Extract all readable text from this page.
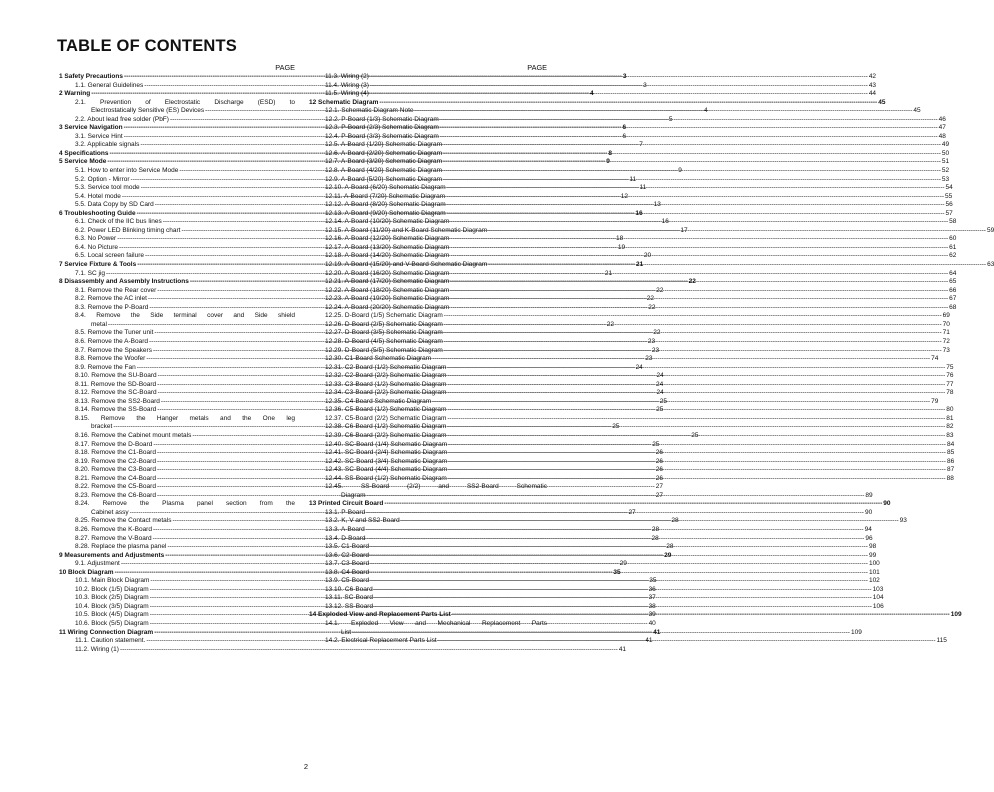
TABLE OF CONTENTS
PAGE
1 Safety Precautions -----	3
1.1. General Guidelines -----	3
2 Warning -----	4
2.1. Prevention of Electrostatic Discharge (ESD) to
Electrostatically Sensitive (ES) Devices -----	4
2.2. About lead free solder (PbF) -----	5
3 Service Navigation -----	6
3.1. Service Hint -----	6
3.2. Applicable signals -----	7
4 Specifications -----	8
5 Service Mode -----	9
5.1. How to enter into Service Mode -----	9
5.2. Option - Mirror -----	11
5.3. Service tool mode -----	11
5.4. Hotel mode -----	12
5.5. Data Copy by SD Card -----	13
6 Troubleshooting Guide -----	16
6.1. Check of the IIC bus lines -----	16
6.2. Power LED Blinking timing chart -----	17
6.3. No Power -----	18
6.4. No Picture -----	19
6.5. Local screen failure -----	20
7 Service Fixture & Tools -----	21
7.1. SC jig -----	21
8 Disassembly and Assembly Instructions -----	22
8.1. Remove the Rear cover -----	22
8.2. Remove the AC inlet -----	22
8.3. Remove the P-Board -----	22
8.4. Remove the Side terminal cover and Side shield
metal -----	22
8.5. Remove the Tuner unit -----	22
8.6. Remove the A-Board -----	23
8.7. Remove the Speakers -----	23
8.8. Remove the Woofer -----	23
8.9. Remove the Fan -----	24
8.10. Remove the SU-Board -----	24
8.11. Remove the SD-Board -----	24
8.12. Remove the SC-Board -----	24
8.13. Remove the SS2-Board -----	25
8.14. Remove the SS-Board -----	25
8.15. Remove the Hanger metals and the One leg
bracket -----	25
8.16. Remove the Cabinet mount metals -----	25
8.17. Remove the D-Board -----	25
8.18. Remove the C1-Board -----	26
8.19. Remove the C2-Board -----	26
8.20. Remove the C3-Board -----	26
8.21. Remove the C4-Board -----	26
8.22. Remove the C5-Board -----	27
8.23. Remove the C6-Board -----	27
8.24. Remove the Plasma panel section from the
Cabinet assy -----	27
8.25. Remove the Contact metals -----	28
8.26. Remove the K-Board -----	28
8.27. Remove the V-Board -----	28
8.28. Replace the plasma panel -----	28
9 Measurements and Adjustments -----	29
9.1. Adjustment -----	29
10 Block Diagram -----	35
10.1. Main Block Diagram -----	35
10.2. Block (1/5) Diagram -----	36
10.3. Block (2/5) Diagram -----	37
10.4. Block (3/5) Diagram -----	38
10.5. Block (4/5) Diagram -----	39
10.6. Block (5/5) Diagram -----	40
11 Wiring Connection Diagram -----	41
11.1. Caution statement. -----	41
11.2. Wiring (1) -----	41
PAGE
11.3. Wiring (2) -----	42
11.4. Wiring (3) -----	43
11.5. Wiring (4) -----	44
12 Schematic Diagram -----	45
12.1. Schematic Diagram Note -----	45
12.2. P-Board (1/3) Schematic Diagram -----	46
12.3. P-Board (2/3) Schematic Diagram -----	47
12.4. P-Board (3/3) Schematic Diagram -----	48
12.5. A-Board (1/20) Schematic Diagram -----	49
12.6. A-Board (2/20) Schematic Diagram -----	50
12.7. A-Board (3/20) Schematic Diagram -----	51
12.8. A-Board (4/20) Schematic Diagram -----	52
12.9. A-Board (5/20) Schematic Diagram -----	53
12.10. A-Board (6/20) Schematic Diagram -----	54
12.11. A-Board (7/20) Schematic Diagram -----	55
12.12. A-Board (8/20) Schematic Diagram -----	56
12.13. A-Board (9/20) Schematic Diagram -----	57
12.14. A-Board (10/20) Schematic Diagram -----	58
12.15. A-Board (11/20) and K-Board Schematic Diagram -----	59
12.16. A-Board (12/20) Schematic Diagram -----	60
12.17. A-Board (13/20) Schematic Diagram -----	61
12.18. A-Board (14/20) Schematic Diagram -----	62
12.19. A-Board (15/20) and V-Board Schematic Diagram -----	63
12.20. A-Board (16/20) Schematic Diagram -----	64
12.21. A-Board (17/20) Schematic Diagram -----	65
12.22. A-Board (18/20) Schematic Diagram -----	66
12.23. A-Board (19/20) Schematic Diagram -----	67
12.24. A-Board (20/20) Schematic Diagram -----	68
12.25. D-Board (1/5) Schematic Diagram -----	69
12.26. D-Board (2/5) Schematic Diagram -----	70
12.27. D-Board (3/5) Schematic Diagram -----	71
12.28. D-Board (4/5) Schematic Diagram -----	72
12.29. D-Board (5/5) Schematic Diagram -----	73
12.30. C1-Board Schematic Diagram -----	74
12.31. C2-Board (1/2) Schematic Diagram -----	75
12.32. C2-Board (2/2) Schematic Diagram -----	76
12.33. C3-Board (1/2) Schematic Diagram -----	77
12.34. C3-Board (2/2) Schematic Diagram -----	78
12.35. C4-Board Schematic Diagram -----	79
12.36. C5-Board (1/2) Schematic Diagram -----	80
12.37. C5-Board (2/2) Schematic Diagram -----	81
12.38. C6-Board (1/2) Schematic Diagram -----	82
12.39. C6-Board (2/2) Schematic Diagram -----	83
12.40. SC-Board (1/4) Schematic Diagram -----	84
12.41. SC-Board (2/4) Schematic Diagram -----	85
12.42. SC-Board (3/4) Schematic Diagram -----	86
12.43. SC-Board (4/4) Schematic Diagram -----	87
12.44. SS-Board (1/2) Schematic Diagram -----	88
12.45. SS-Board (2/2) and SS2-Board Schematic
Diagram -----	89
13 Printed Circuit Board -----	90
13.1. P-Board -----	90
13.2. K, V and SS2-Board -----	93
13.3. A-Board -----	94
13.4. D-Board -----	96
13.5. C1-Board -----	98
13.6. C2-Board -----	99
13.7. C3-Board -----	100
13.8. C4-Board -----	101
13.9. C5-Board -----	102
13.10. C6-Board -----	103
13.11. SC-Board -----	104
13.12. SS-Board -----	106
14 Exploded View and Replacement Parts List -----	109
14.1. Exploded View and Mechanical Replacement Parts
List -----	109
14.2. Electrical Replacement Parts List -----	115
2
